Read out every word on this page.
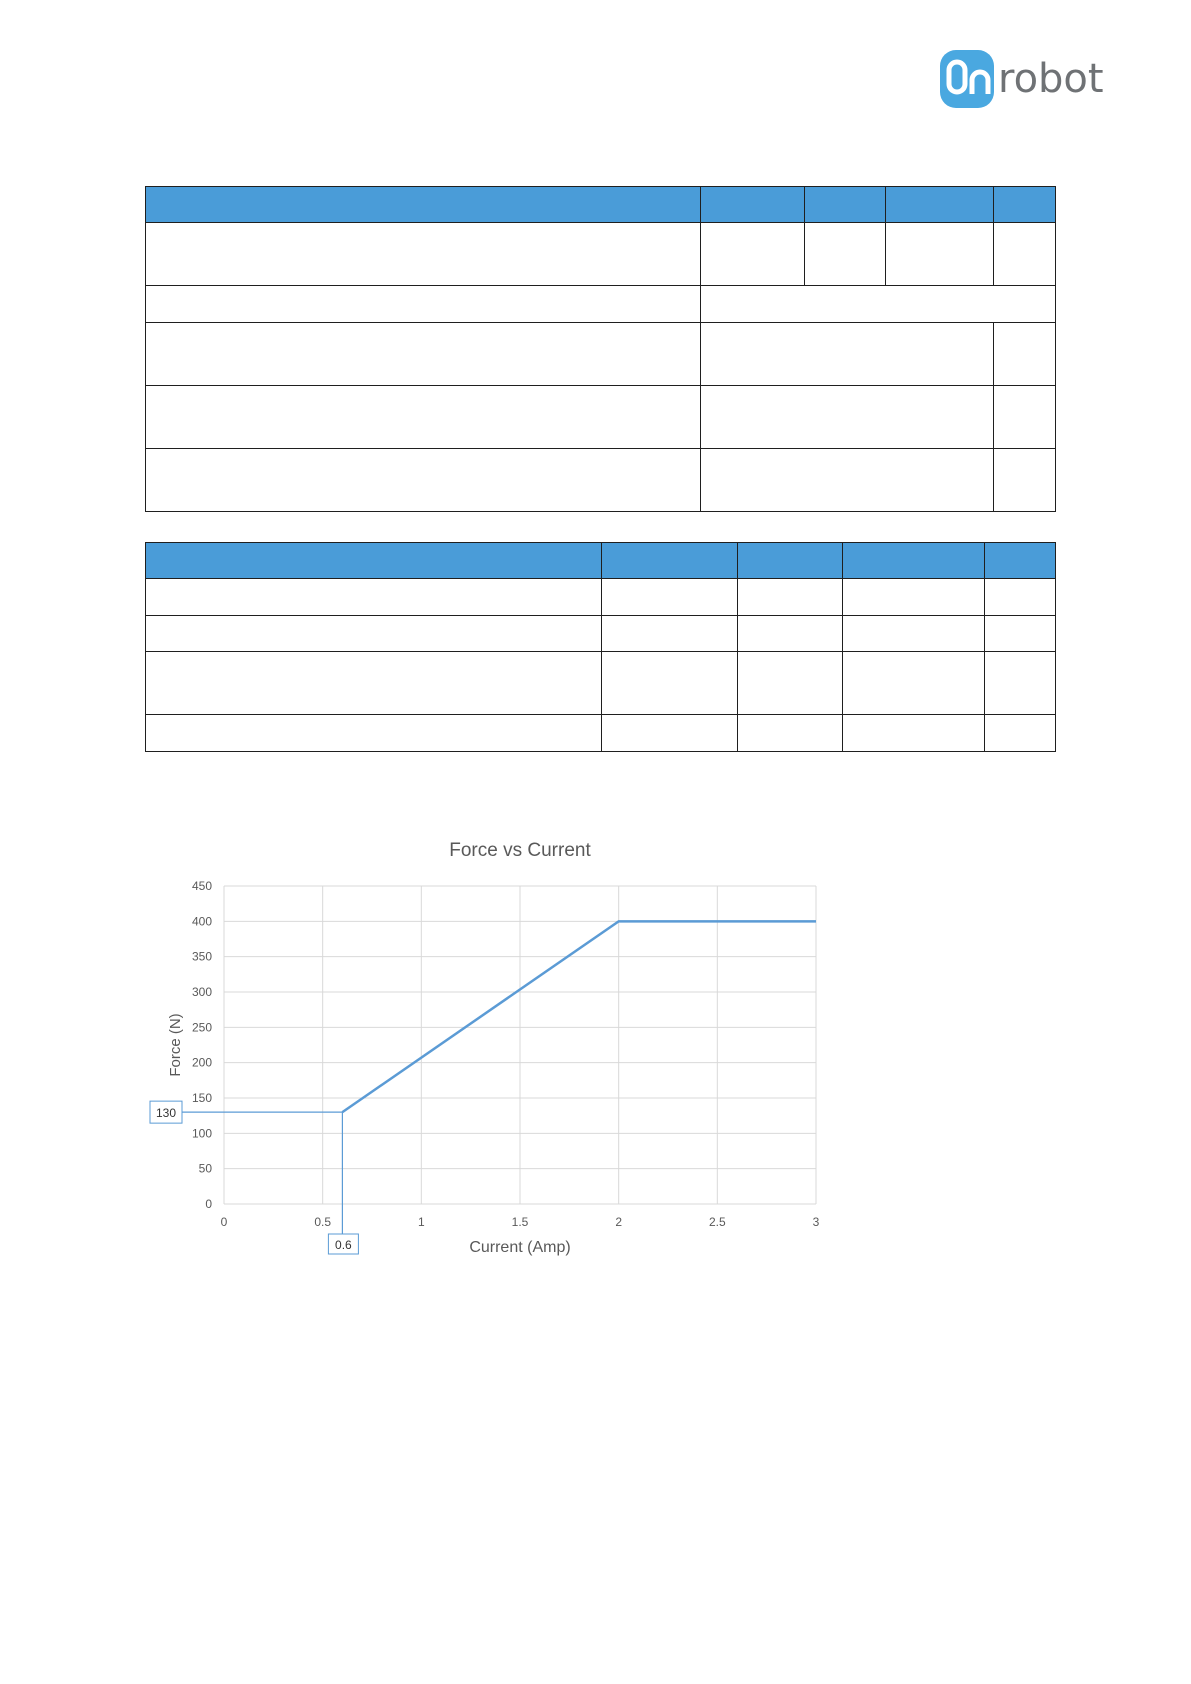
robot

Force vs Current
0
50
100
150
200
250
300
350
400
450
0	0.5	1	1.5	2	2.5	3
Current (Amp)
Force (N)
130
0.6
